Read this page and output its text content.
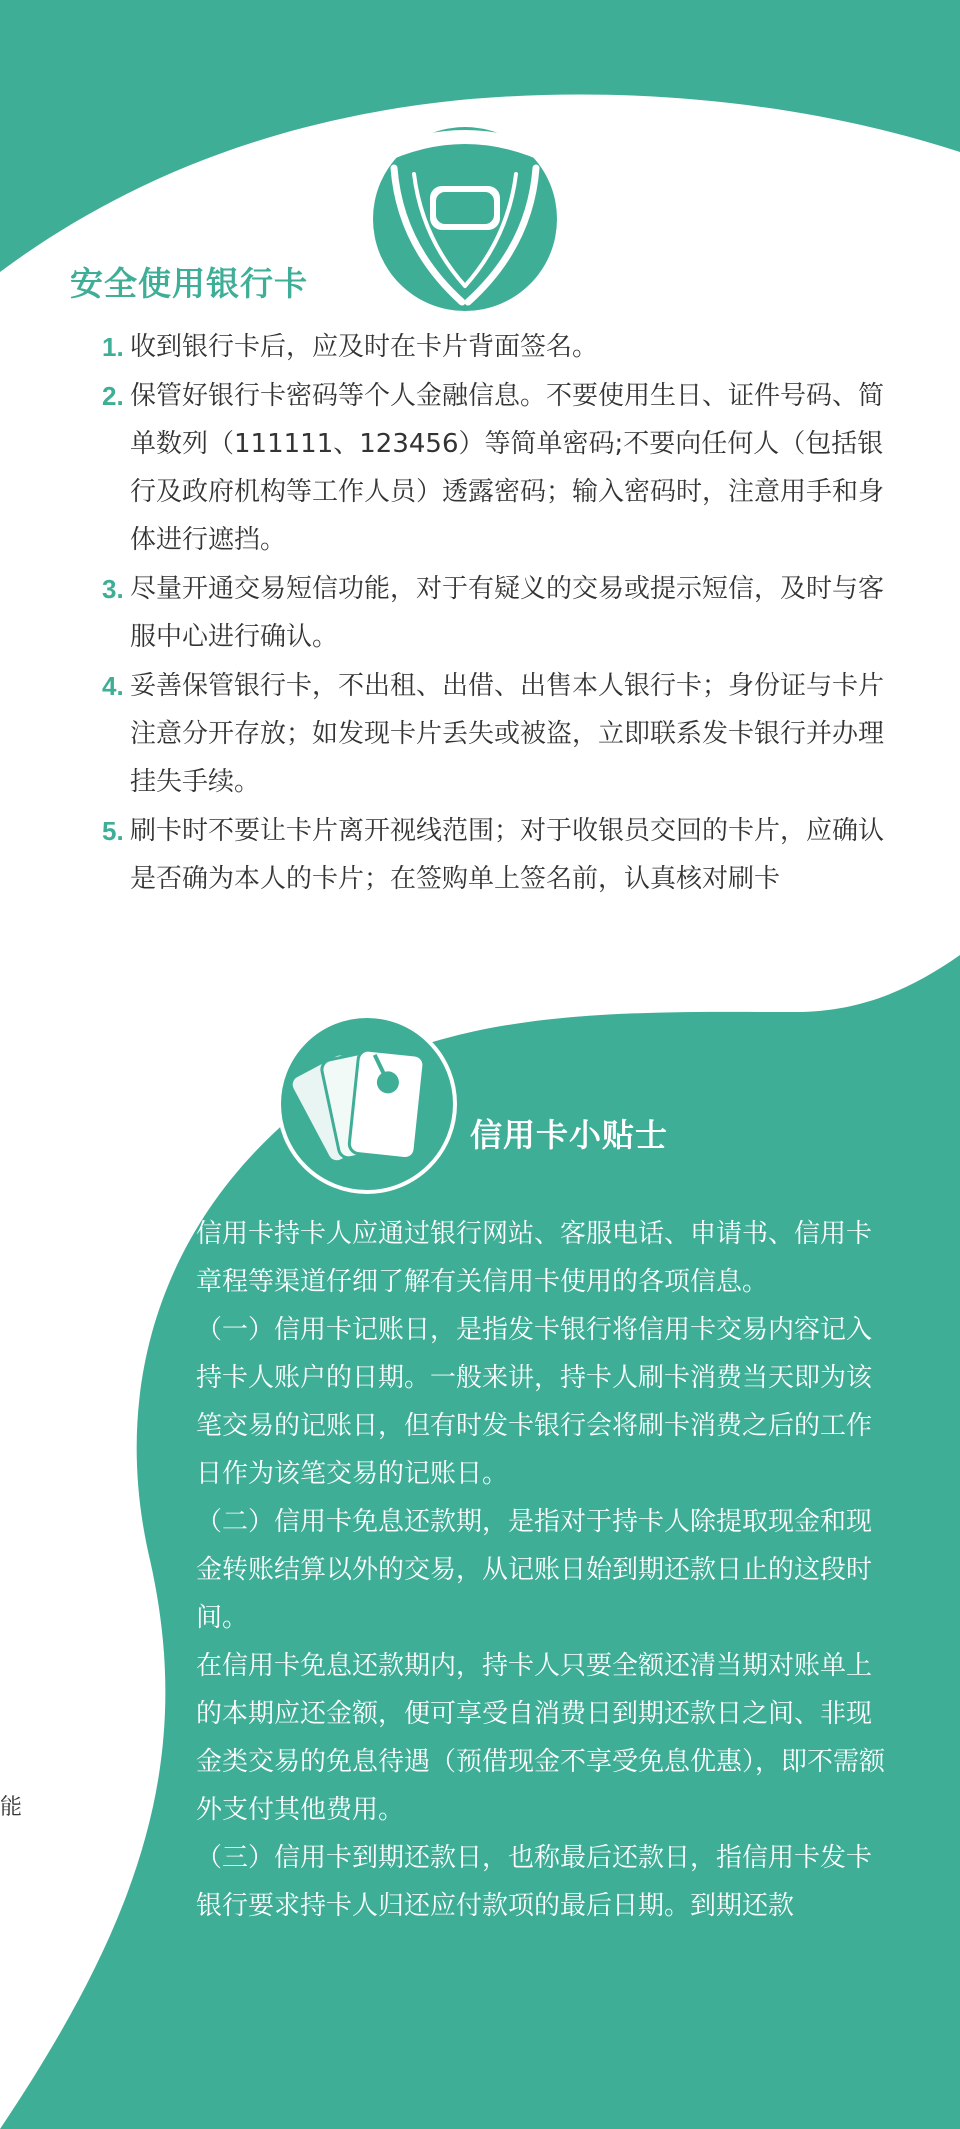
安全使用银行卡
1. 收到银行卡后，应及时在卡片背面签名。
2. 保管好银行卡密码等个人金融信息。不要使用生日、证件号码、简单数列（111111、123456）等简单密码;不要向任何人（包括银行及政府机构等工作人员）透露密码；输入密码时，注意用手和身体进行遮挡。
3. 尽量开通交易短信功能，对于有疑义的交易或提示短信，及时与客服中心进行确认。
4. 妥善保管银行卡，不出租、出借、出售本人银行卡；身份证与卡片注意分开存放；如发现卡片丢失或被盗，立即联系发卡银行并办理挂失手续。
5. 刷卡时不要让卡片离开视线范围；对于收银员交回的卡片，应确认是否确为本人的卡片；在签购单上签名前，认真核对刷卡
信用卡小贴士

信用卡持卡人应通过银行网站、客服电话、申请书、信用卡章程等渠道仔细了解有关信用卡使用的各项信息。

（一）信用卡记账日，是指发卡银行将信用卡交易内容记入持卡人账户的日期。一般来讲，持卡人刷卡消费当天即为该笔交易的记账日，但有时发卡银行会将刷卡消费之后的工作日作为该笔交易的记账日。

（二）信用卡免息还款期，是指对于持卡人除提取现金和现金转账结算以外的交易，从记账日始到期还款日止的这段时间。

在信用卡免息还款期内，持卡人只要全额还清当期对账单上的本期应还金额，便可享受自消费日到期还款日之间、非现金类交易的免息待遇（预借现金不享受免息优惠），即不需额外支付其他费用。

（三）信用卡到期还款日，也称最后还款日，指信用卡发卡银行要求持卡人归还应付款项的最后日期。到期还款

能
